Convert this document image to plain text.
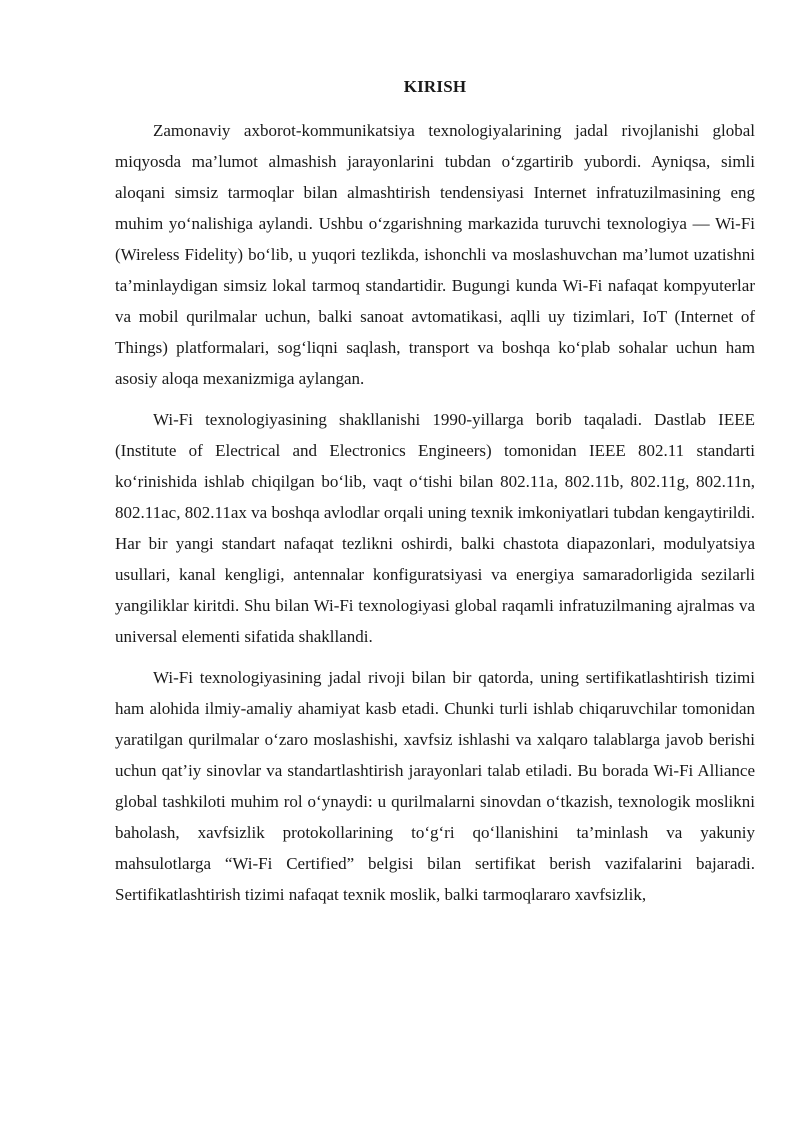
KIRISH

Zamonaviy axborot-kommunikatsiya texnologiyalarining jadal rivojlanishi global miqyosda ma’lumot almashish jarayonlarini tubdan o‘zgartirib yubordi. Ayniqsa, simli aloqani simsiz tarmoqlar bilan almashtirish tendensiyasi Internet infratuzilmasining eng muhim yo‘nalishiga aylandi. Ushbu o‘zgarishning markazida turuvchi texnologiya — Wi-Fi (Wireless Fidelity) bo‘lib, u yuqori tezlikda, ishonchli va moslashuvchan ma’lumot uzatishni ta’minlaydigan simsiz lokal tarmoq standartidir. Bugungi kunda Wi-Fi nafaqat kompyuterlar va mobil qurilmalar uchun, balki sanoat avtomatikasi, aqlli uy tizimlari, IoT (Internet of Things) platformalari, sog‘liqni saqlash, transport va boshqa ko‘plab sohalar uchun ham asosiy aloqa mexanizmiga aylangan.

Wi-Fi texnologiyasining shakllanishi 1990-yillarga borib taqaladi. Dastlab IEEE (Institute of Electrical and Electronics Engineers) tomonidan IEEE 802.11 standarti ko‘rinishida ishlab chiqilgan bo‘lib, vaqt o‘tishi bilan 802.11a, 802.11b, 802.11g, 802.11n, 802.11ac, 802.11ax va boshqa avlodlar orqali uning texnik imkoniyatlari tubdan kengaytirildi. Har bir yangi standart nafaqat tezlikni oshirdi, balki chastota diapazonlari, modulyatsiya usullari, kanal kengligi, antennalar konfiguratsiyasi va energiya samaradorligida sezilarli yangiliklar kiritdi. Shu bilan Wi-Fi texnologiyasi global raqamli infratuzilmaning ajralmas va universal elementi sifatida shakllandi.

Wi-Fi texnologiyasining jadal rivoji bilan bir qatorda, uning sertifikatlashtirish tizimi ham alohida ilmiy-amaliy ahamiyat kasb etadi. Chunki turli ishlab chiqaruvchilar tomonidan yaratilgan qurilmalar o‘zaro moslashishi, xavfsiz ishlashi va xalqaro talablarga javob berishi uchun qat’iy sinovlar va standartlashtirish jarayonlari talab etiladi. Bu borada Wi-Fi Alliance global tashkiloti muhim rol o‘ynaydi: u qurilmalarni sinovdan o‘tkazish, texnologik moslikni baholash, xavfsizlik protokollarining to‘g‘ri qo‘llanishini ta’minlash va yakuniy mahsulotlarga “Wi-Fi Certified” belgisi bilan sertifikat berish vazifalarini bajaradi. Sertifikatlashtirish tizimi nafaqat texnik moslik, balki tarmoqlararo xavfsizlik,
